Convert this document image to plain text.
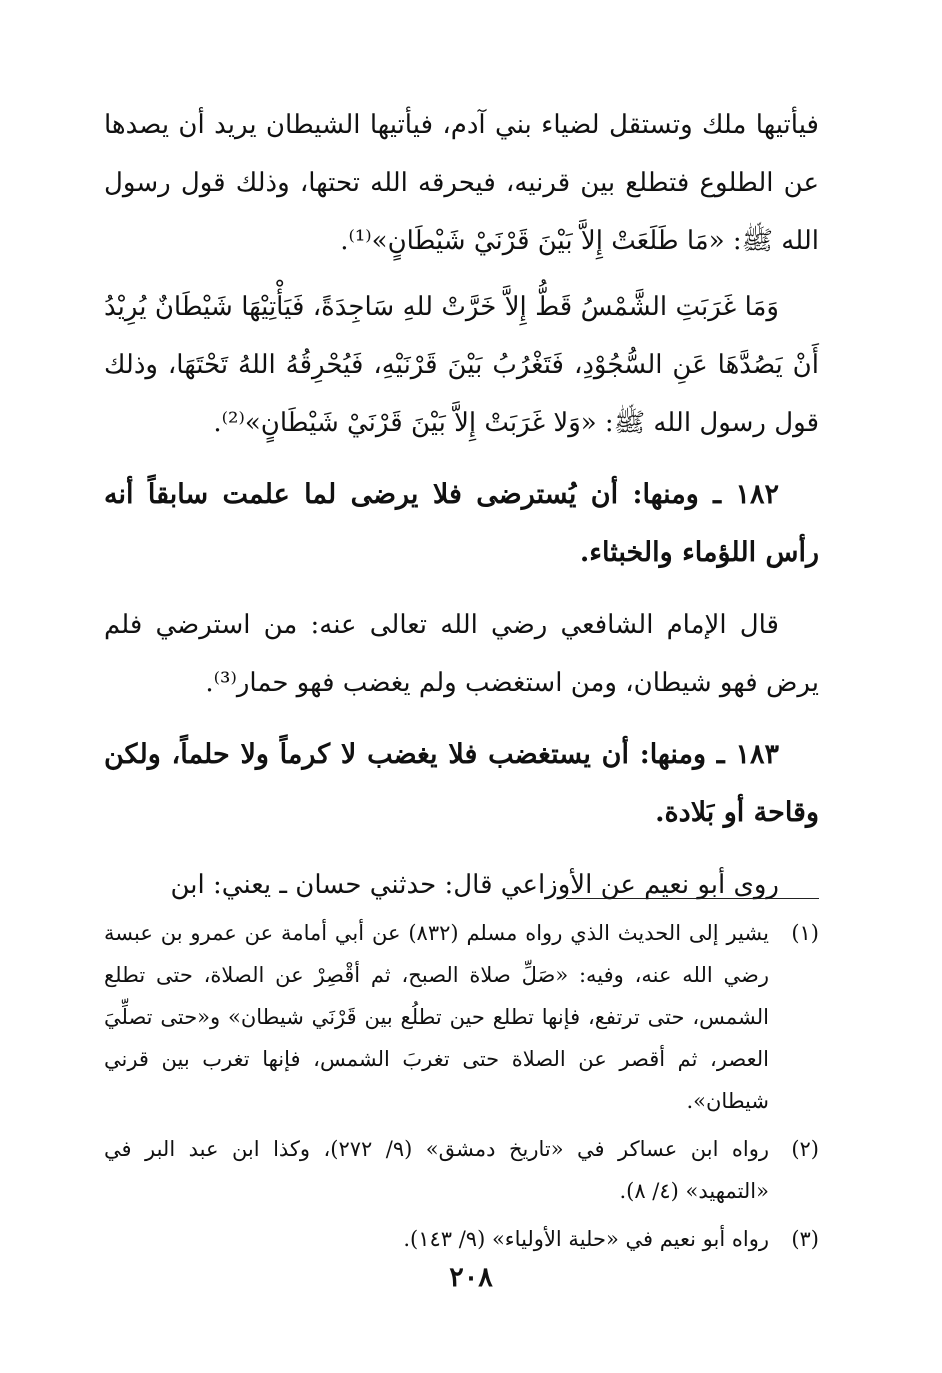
فيأتيها ملك وتستقل لضياء بني آدم، فيأتيها الشيطان يريد أن يصدها عن الطلوع فتطلع بين قرنيه، فيحرقه الله تحتها، وذلك قول رسول الله ﷺ: «مَا طَلَعَتْ إِلاَّ بَيْنَ قَرْنَيْ شَيْطَانٍ»⁽¹⁾.

وَمَا غَرَبَتِ الشَّمْسُ قَطُّ إِلاَّ خَرَّتْ للهِ سَاجِدَةً، فَيَأْتِيْهَا شَيْطَانٌ يُرِيْدُ أَنْ يَصُدَّهَا عَنِ السُّجُوْدِ، فَتَغْرُبُ بَيْنَ قَرْنَيْهِ، فَيُحْرِقُهُ اللهُ تَحْتَهَا، وذلك قول رسول الله ﷺ: «وَلا غَرَبَتْ إِلاَّ بَيْنَ قَرْنَيْ شَيْطَانٍ»⁽²⁾.

١٨٢ ـ ومنها: أن يُسترضى فلا يرضى لما علمت سابقاً أنه رأس اللؤماء والخبثاء.

قال الإمام الشافعي رضي الله تعالى عنه: من استرضي فلم يرض فهو شيطان، ومن استغضب ولم يغضب فهو حمار⁽³⁾.

١٨٣ ـ ومنها: أن يستغضب فلا يغضب لا كرماً ولا حلماً، ولكن وقاحة أو بَلادة.

روى أبو نعيم عن الأوزاعي قال: حدثني حسان ـ يعني: ابن

(١)
يشير إلى الحديث الذي رواه مسلم (٨٣٢) عن أبي أمامة عن عمرو بن عبسة رضي الله عنه، وفيه: «صَلِّ صلاة الصبح، ثم أقْصِرْ عن الصلاة، حتى تطلع الشمس، حتى ترتفع، فإنها تطلع حين تطلُع بين قَرْنَي شيطان» و«حتى تصلِّيَ العصر، ثم أقصر عن الصلاة حتى تغربَ الشمس، فإنها تغرب بين قرني شيطان».
(٢)
رواه ابن عساكر في «تاريخ دمشق» (٩/ ٢٧٢)، وكذا ابن عبد البر في «التمهيد» (٤/ ٨).
(٣)
رواه أبو نعيم في «حلية الأولياء» (٩/ ١٤٣).
٢٠٨
